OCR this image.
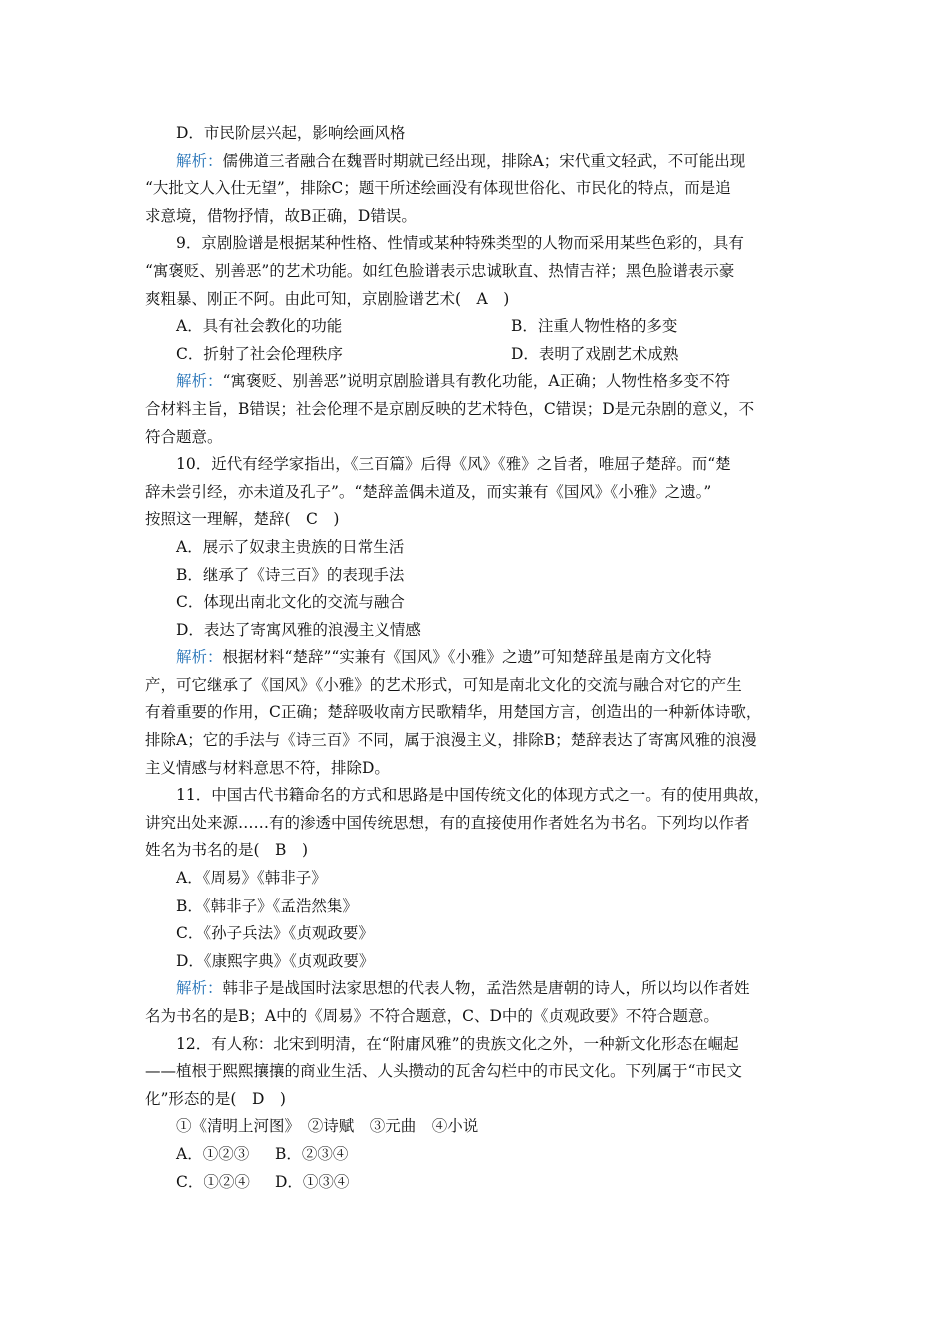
D．市民阶层兴起，影响绘画风格
解析：儒佛道三者融合在魏晋时期就已经出现，排除A；宋代重文轻武，不可能出现
“大批文人入仕无望”，排除C；题干所述绘画没有体现世俗化、市民化的特点，而是追
求意境，借物抒情，故B正确，D错误。
9．京剧脸谱是根据某种性格、性情或某种特殊类型的人物而采用某些色彩的，具有
“寓褒贬、别善恶”的艺术功能。如红色脸谱表示忠诚耿直、热情吉祥；黑色脸谱表示豪
爽粗暴、刚正不阿。由此可知，京剧脸谱艺术(　A　)
A．具有社会教化的功能	B．注重人物性格的多变
C．折射了社会伦理秩序	D．表明了戏剧艺术成熟
解析：“寓褒贬、别善恶”说明京剧脸谱具有教化功能，A正确；人物性格多变不符
合材料主旨，B错误；社会伦理不是京剧反映的艺术特色，C错误；D是元杂剧的意义，不
符合题意。
10．近代有经学家指出，《三百篇》后得《风》《雅》之旨者，唯屈子楚辞。而“楚
辞未尝引经，亦未道及孔子”。“楚辞盖偶未道及，而实兼有《国风》《小雅》之遗。”
按照这一理解，楚辞(　C　)
A．展示了奴隶主贵族的日常生活
B．继承了《诗三百》的表现手法
C．体现出南北文化的交流与融合
D．表达了寄寓风雅的浪漫主义情感
解析：根据材料“楚辞”“实兼有《国风》《小雅》之遗”可知楚辞虽是南方文化特
产，可它继承了《国风》《小雅》的艺术形式，可知是南北文化的交流与融合对它的产生
有着重要的作用，C正确；楚辞吸收南方民歌精华，用楚国方言，创造出的一种新体诗歌，
排除A；它的手法与《诗三百》不同，属于浪漫主义，排除B；楚辞表达了寄寓风雅的浪漫
主义情感与材料意思不符，排除D。
11．中国古代书籍命名的方式和思路是中国传统文化的体现方式之一。有的使用典故，
讲究出处来源……有的渗透中国传统思想，有的直接使用作者姓名为书名。下列均以作者
姓名为书名的是(　B　)
A．《周易》《韩非子》
B．《韩非子》《孟浩然集》
C．《孙子兵法》《贞观政要》
D．《康熙字典》《贞观政要》
解析：韩非子是战国时法家思想的代表人物，孟浩然是唐朝的诗人，所以均以作者姓
名为书名的是B；A中的《周易》不符合题意，C、D中的《贞观政要》不符合题意。
12．有人称：北宋到明清，在“附庸风雅”的贵族文化之外，一种新文化形态在崛起
——植根于熙熙攘攘的商业生活、人头攒动的瓦舍勾栏中的市民文化。下列属于“市民文
化”形态的是(　D　)
①《清明上河图》　②诗赋　③元曲　④小说
A．①②③ B．②③④
C．①②④ D．①③④
